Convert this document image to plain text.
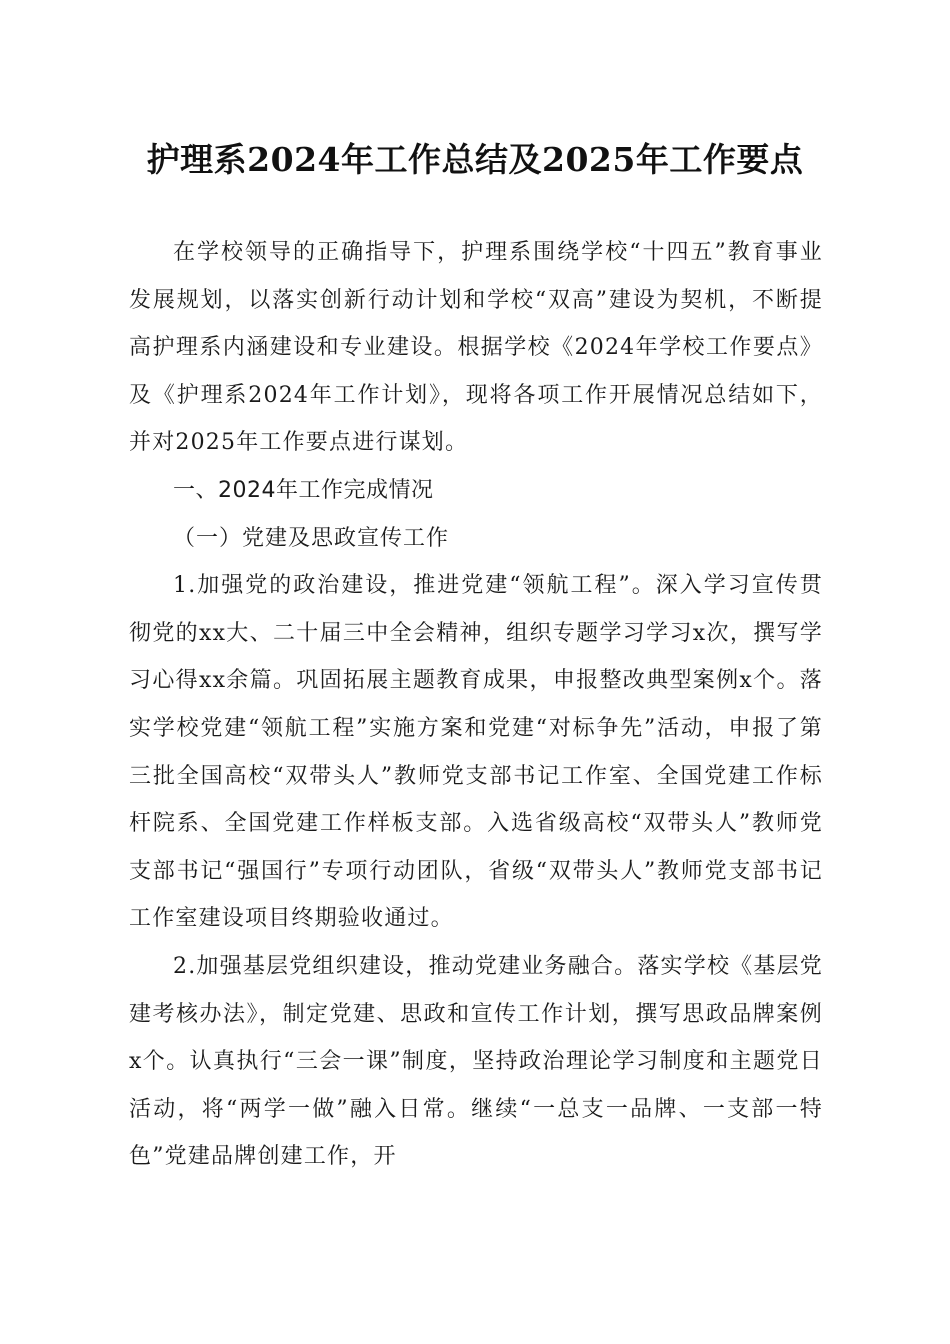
护理系2024年工作总结及2025年工作要点

在学校领导的正确指导下，护理系围绕学校“十四五”教育事业发展规划，以落实创新行动计划和学校“双高”建设为契机，不断提高护理系内涵建设和专业建设。根据学校《2024年学校工作要点》及《护理系2024年工作计划》，现将各项工作开展情况总结如下，并对2025年工作要点进行谋划。

一、2024年工作完成情况

（一）党建及思政宣传工作

1.加强党的政治建设，推进党建“领航工程”。深入学习宣传贯彻党的xx大、二十届三中全会精神，组织专题学习学习x次，撰写学习心得xx余篇。巩固拓展主题教育成果，申报整改典型案例x个。落实学校党建“领航工程”实施方案和党建“对标争先”活动，申报了第三批全国高校“双带头人”教师党支部书记工作室、全国党建工作标杆院系、全国党建工作样板支部。入选省级高校“双带头人”教师党支部书记“强国行”专项行动团队，省级“双带头人”教师党支部书记工作室建设项目终期验收通过。

2.加强基层党组织建设，推动党建业务融合。落实学校《基层党建考核办法》，制定党建、思政和宣传工作计划，撰写思政品牌案例x个。认真执行“三会一课”制度，坚持政治理论学习制度和主题党日活动，将“两学一做”融入日常。继续“一总支一品牌、一支部一特色”党建品牌创建工作，开
